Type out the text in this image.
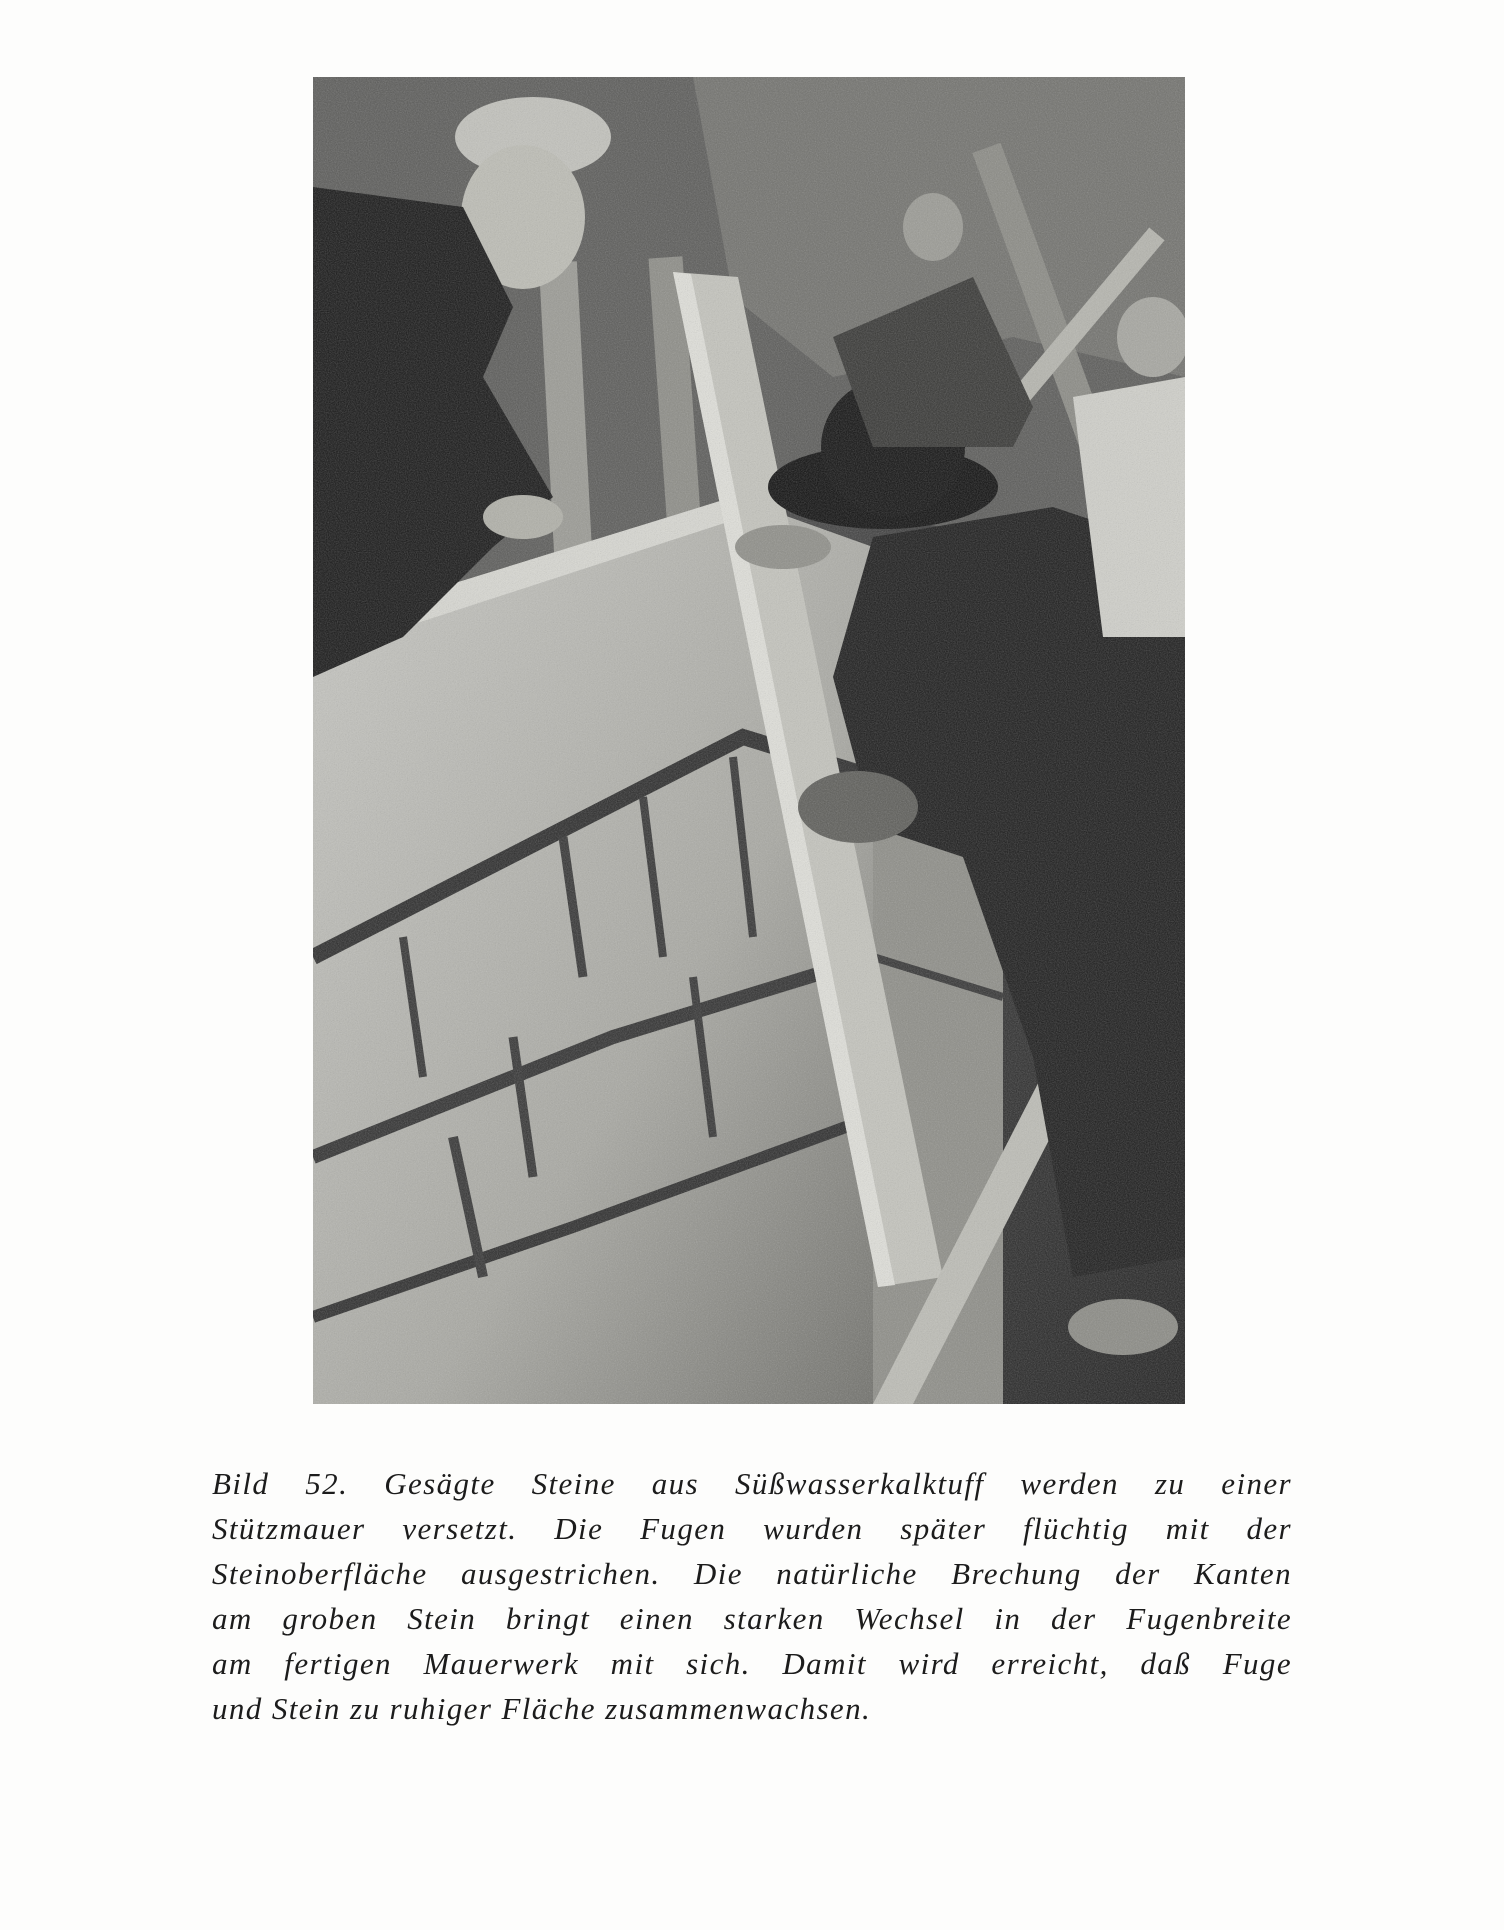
Bild 52. Gesägte Steine aus Süßwasserkalktuff werden zu einer
Stützmauer versetzt. Die Fugen wurden später flüchtig mit der
Steinoberfläche ausgestrichen. Die natürliche Brechung der Kanten
am groben Stein bringt einen starken Wechsel in der Fugenbreite
am fertigen Mauerwerk mit sich. Damit wird erreicht, daß Fuge
und Stein zu ruhiger Fläche zusammenwachsen.
